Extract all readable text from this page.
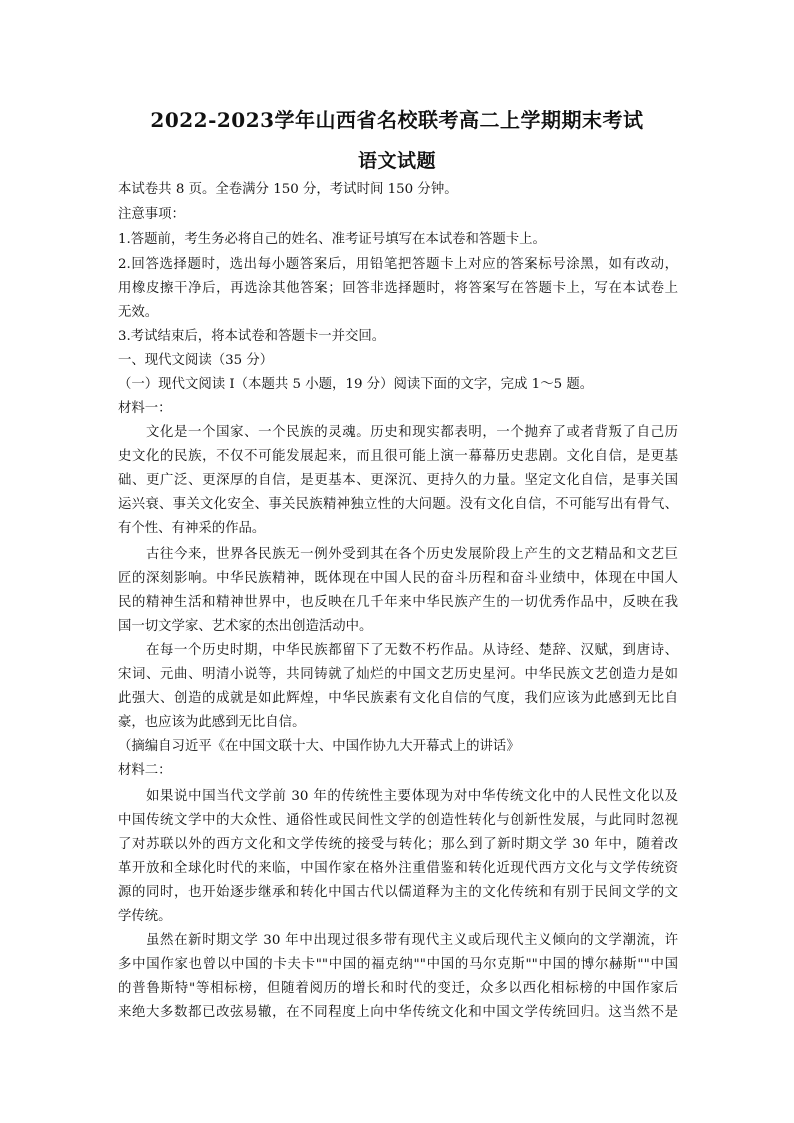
2022-2023学年山西省名校联考高二上学期期末考试
语文试题
本试卷共 8 页。全卷满分 150 分，考试时间 150 分钟。
注意事项：
1.答题前，考生务必将自己的姓名、准考证号填写在本试卷和答题卡上。
2.回答选择题时，选出每小题答案后，用铅笔把答题卡上对应的答案标号涂黑，如有改动，
用橡皮擦干净后，再选涂其他答案；回答非选择题时，将答案写在答题卡上，写在本试卷上
无效。
3.考试结束后，将本试卷和答题卡一并交回。
一、现代文阅读（35 分）
（一）现代文阅读 I（本题共 5 小题，19 分）阅读下面的文字，完成 1～5 题。
材料一：
文化是一个国家、一个民族的灵魂。历史和现实都表明，一个抛弃了或者背叛了自己历
史文化的民族，不仅不可能发展起来，而且很可能上演一幕幕历史悲剧。文化自信，是更基
础、更广泛、更深厚的自信，是更基本、更深沉、更持久的力量。坚定文化自信，是事关国
运兴衰、事关文化安全、事关民族精神独立性的大问题。没有文化自信，不可能写出有骨气、
有个性、有神采的作品。
古往今来，世界各民族无一例外受到其在各个历史发展阶段上产生的文艺精品和文艺巨
匠的深刻影响。中华民族精神，既体现在中国人民的奋斗历程和奋斗业绩中，体现在中国人
民的精神生活和精神世界中，也反映在几千年来中华民族产生的一切优秀作品中，反映在我
国一切文学家、艺术家的杰出创造活动中。
在每一个历史时期，中华民族都留下了无数不朽作品。从诗经、楚辞、汉赋，到唐诗、
宋词、元曲、明清小说等，共同铸就了灿烂的中国文艺历史星河。中华民族文艺创造力是如
此强大、创造的成就是如此辉煌，中华民族素有文化自信的气度，我们应该为此感到无比自
豪，也应该为此感到无比自信。
（摘编自习近平《在中国文联十大、中国作协九大开幕式上的讲话》
材料二：
如果说中国当代文学前 30 年的传统性主要体现为对中华传统文化中的人民性文化以及
中国传统文学中的大众性、通俗性或民间性文学的创造性转化与创新性发展，与此同时忽视
了对苏联以外的西方文化和文学传统的接受与转化；那么到了新时期文学 30 年中，随着改
革开放和全球化时代的来临，中国作家在格外注重借鉴和转化近现代西方文化与文学传统资
源的同时，也开始逐步继承和转化中国古代以儒道释为主的文化传统和有别于民间文学的文
学传统。
虽然在新时期文学 30 年中出现过很多带有现代主义或后现代主义倾向的文学潮流，许
多中国作家也曾以中国的卡夫卡""中国的福克纳""中国的马尔克斯""中国的博尔赫斯""中国
的普鲁斯特"等相标榜，但随着阅历的增长和时代的变迁，众多以西化相标榜的中国作家后
来绝大多数都已改弦易辙，在不同程度上向中华传统文化和中国文学传统回归。这当然不是
